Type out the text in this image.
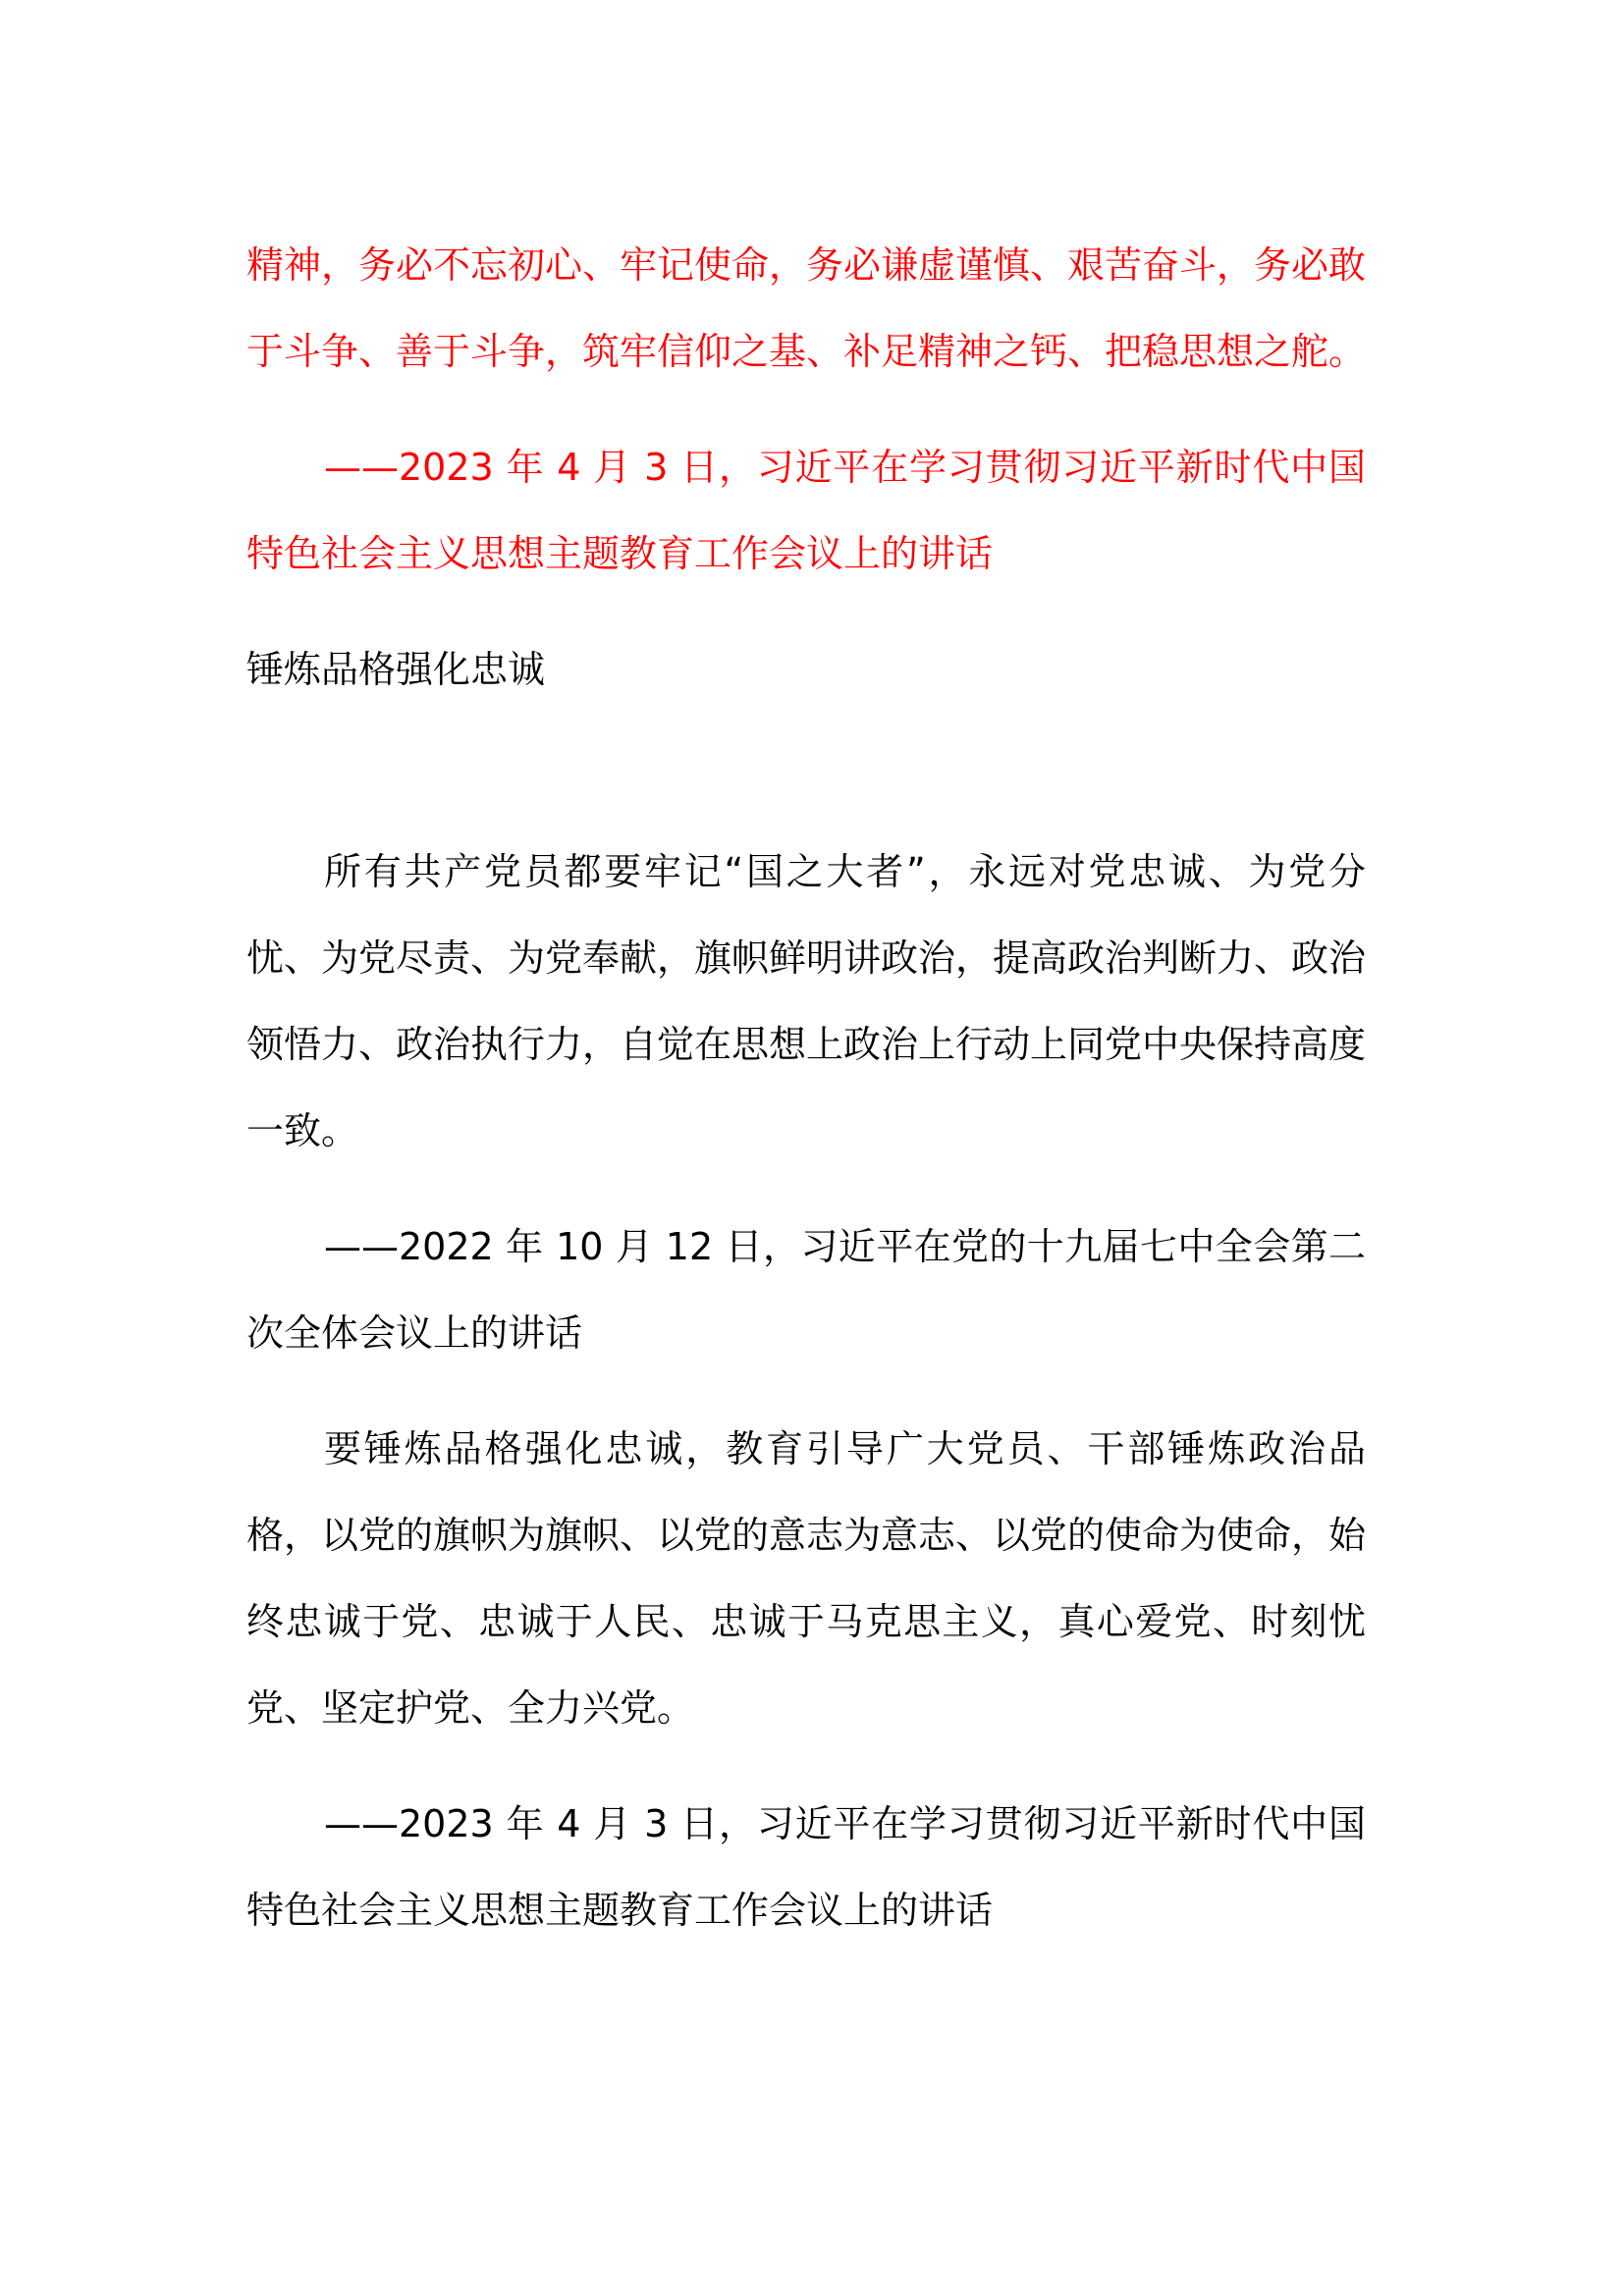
精神，务必不忘初心、牢记使命，务必谦虚谨慎、艰苦奋斗，务必敢于斗争、善于斗争，筑牢信仰之基、补足精神之钙、把稳思想之舵。

——2023 年 4 月 3 日，习近平在学习贯彻习近平新时代中国特色社会主义思想主题教育工作会议上的讲话

锤炼品格强化忠诚

所有共产党员都要牢记“国之大者”，永远对党忠诚、为党分忧、为党尽责、为党奉献，旗帜鲜明讲政治，提高政治判断力、政治领悟力、政治执行力，自觉在思想上政治上行动上同党中央保持高度一致。

——2022 年 10 月 12 日，习近平在党的十九届七中全会第二次全体会议上的讲话

要锤炼品格强化忠诚，教育引导广大党员、干部锤炼政治品格，以党的旗帜为旗帜、以党的意志为意志、以党的使命为使命，始终忠诚于党、忠诚于人民、忠诚于马克思主义，真心爱党、时刻忧党、坚定护党、全力兴党。

——2023 年 4 月 3 日，习近平在学习贯彻习近平新时代中国特色社会主义思想主题教育工作会议上的讲话
